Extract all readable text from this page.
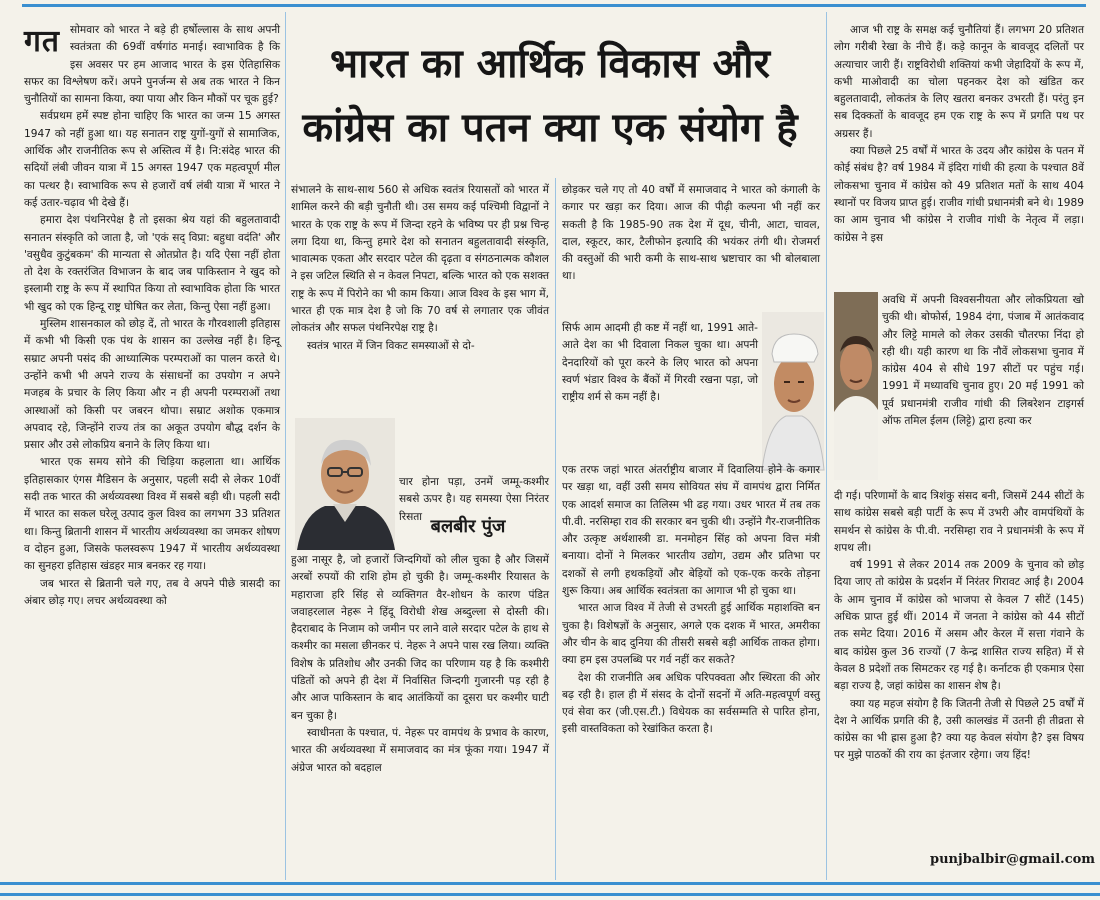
गत सोमवार को भारत ने बड़े ही हर्षोल्लास के साथ अपनी स्वतंत्रता की 69वीं वर्षगांठ मनाई। स्वाभाविक है कि इस अवसर पर हम आजाद भारत के इस ऐतिहासिक सफर का विश्लेषण करें। अपने पुनर्जन्म से अब तक भारत ने किन चुनौतियों का सामना किया, क्या पाया और किन मौकों पर चूक हुई?

सर्वप्रथम हमें स्पष्ट होना चाहिए कि भारत का जन्म 15 अगस्त 1947 को नहीं हुआ था। यह सनातन राष्ट्र युगों-युगों से सामाजिक, आर्थिक और राजनीतिक रूप से अस्तित्व में है। नि:संदेह भारत की सदियों लंबी जीवन यात्रा में 15 अगस्त 1947 एक महत्वपूर्ण मील का पत्थर है। स्वाभाविक रूप से हजारों वर्ष लंबी यात्रा में भारत ने कई उतार-चढ़ाव भी देखे हैं।

हमारा देश पंथनिरपेक्ष है तो इसका श्रेय यहां की बहुलतावादी सनातन संस्कृति को जाता है, जो 'एकं सद् विप्रा: बहुधा वदंति' और 'वसुधैव कुटुंबकम' की मान्यता से ओतप्रोत है। यदि ऐसा नहीं होता तो देश के रक्तरंजित विभाजन के बाद जब पाकिस्तान ने खुद को इस्लामी राष्ट्र के रूप में स्थापित किया तो स्वाभाविक होता कि भारत भी खुद को एक हिन्दू राष्ट्र घोषित कर लेता, किन्तु ऐसा नहीं हुआ।

मुस्लिम शासनकाल को छोड़ दें, तो भारत के गौरवशाली इतिहास में कभी भी किसी एक पंथ के शासन का उल्लेख नहीं है। हिन्दू सम्राट अपनी पसंद की आध्यात्मिक परम्पराओं का पालन करते थे। उन्होंने कभी भी अपने राज्य के संसाधनों का उपयोग न अपने मजहब के प्रचार के लिए किया और न ही अपनी परम्पराओं तथा आस्थाओं को किसी पर जबरन थोपा। सम्राट अशोक एकमात्र अपवाद रहे, जिन्होंने राज्य तंत्र का अकूत उपयोग बौद्ध दर्शन के प्रसार और उसे लोकप्रिय बनाने के लिए किया था।

भारत एक समय सोने की चिड़िया कहलाता था। आर्थिक इतिहासकार एंगस मैडिसन के अनुसार, पहली सदी से लेकर 10वीं सदी तक भारत की अर्थव्यवस्था विश्व में सबसे बड़ी थी। पहली सदी में भारत का सकल घरेलू उत्पाद कुल विश्व का लगभग 33 प्रतिशत था। किन्तु ब्रितानी शासन में भारतीय अर्थव्यवस्था का जमकर शोषण व दोहन हुआ, जिसके फलस्वरूप 1947 में भारतीय अर्थव्यवस्था का सुनहरा इतिहास खंडहर मात्र बनकर रह गया।

जब भारत से ब्रितानी चले गए, तब वे अपने पीछे त्रासदी का अंबार छोड़ गए। लचर अर्थव्यवस्था को

भारत का आर्थिक विकास और
कांग्रेस का पतन क्या एक संयोग है

संभालने के साथ-साथ 560 से अधिक स्वतंत्र रियासतों को भारत में शामिल करने की बड़ी चुनौती थी। उस समय कई पश्चिमी विद्वानों ने भारत के एक राष्ट्र के रूप में जिन्दा रहने के भविष्य पर ही प्रश्न चिन्ह लगा दिया था, किन्तु हमारे देश को सनातन बहुलतावादी संस्कृति, भावात्मक एकता और सरदार पटेल की दृढ़ता व संगठनात्मक कौशल ने इस जटिल स्थिति से न केवल निपटा, बल्कि भारत को एक सशक्त राष्ट्र के रूप में पिरोने का भी काम किया। आज विश्व के इस भाग में, भारत ही एक मात्र देश है जो कि 70 वर्ष से लगातार एक जीवंत लोकतंत्र और सफल पंथनिरपेक्ष राष्ट्र है।

स्वतंत्र भारत में जिन विकट समस्याओं से दो-

बलबीर पुंज

चार होना पड़ा, उनमें जम्मू-कश्मीर सबसे ऊपर है। यह समस्या ऐसा निरंतर रिसता

हुआ नासूर है, जो हजारों जिन्दगियों को लील चुका है और जिसमें अरबों रुपयों की राशि होम हो चुकी है। जम्मू-कश्मीर रियासत के महाराजा हरि सिंह से व्यक्तिगत वैर-शोधन के कारण पंडित जवाहरलाल नेहरू ने हिंदू विरोधी शेख अब्दुल्ला से दोस्ती की। हैदराबाद के निजाम को जमीन पर लाने वाले सरदार पटेल के हाथ से कश्मीर का मसला छीनकर पं. नेहरू ने अपने पास रख लिया। व्यक्ति विशेष के प्रतिशोध और उनकी जिद का परिणाम यह है कि कश्मीरी पंडितों को अपने ही देश में निर्वासित जिन्दगी गुजारनी पड़ रही है और आज पाकिस्तान के बाद आतंकियों का दूसरा घर कश्मीर घाटी बन चुका है।

स्वाधीनता के पश्चात, पं. नेहरू पर वामपंथ के प्रभाव के कारण, भारत की अर्थव्यवस्था में समाजवाद का मंत्र फूंका गया। 1947 में अंग्रेज भारत को बदहाल

छोड़कर चले गए तो 40 वर्षों में समाजवाद ने भारत को कंगाली के कगार पर खड़ा कर दिया। आज की पीढ़ी कल्पना भी नहीं कर सकती है कि 1985-90 तक देश में दूध, चीनी, आटा, चावल, दाल, स्कूटर, कार, टैलीफोन इत्यादि की भयंकर तंगी थी। रोजमर्रा की वस्तुओं की भारी कमी के साथ-साथ भ्रष्टाचार का भी बोलबाला था।

सिर्फ आम आदमी ही कष्ट में नहीं था, 1991 आते-आते देश का भी दिवाला निकल चुका था। अपनी देनदारियों को पूरा करने के लिए भारत को अपना स्वर्ण भंडार विश्व के बैंकों में गिरवी रखना पड़ा, जो राष्ट्रीय शर्म से कम नहीं है।

एक तरफ जहां भारत अंतर्राष्ट्रीय बाजार में दिवालिया होने के कगार पर खड़ा था, वहीं उसी समय सोवियत संघ में वामपंथ द्वारा निर्मित एक आदर्श समाज का तिलिस्म भी ढह गया। उधर भारत में तब तक पी.वी. नरसिम्हा राव की सरकार बन चुकी थी। उन्होंने गैर-राजनीतिक और उत्कृष्ट अर्थशास्त्री डा. मनमोहन सिंह को अपना वित्त मंत्री बनाया। दोनों ने मिलकर भारतीय उद्योग, उद्यम और प्रतिभा पर दशकों से लगी हथकड़ियों और बेड़ियों को एक-एक करके तोड़ना शुरू किया। अब आर्थिक स्वतंत्रता का आगाज भी हो चुका था।

भारत आज विश्व में तेजी से उभरती हुई आर्थिक महाशक्ति बन चुका है। विशेषज्ञों के अनुसार, अगले एक दशक में भारत, अमरीका और चीन के बाद दुनिया की तीसरी सबसे बड़ी आर्थिक ताकत होगा। क्या हम इस उपलब्धि पर गर्व नहीं कर सकते?

देश की राजनीति अब अधिक परिपक्वता और स्थिरता की ओर बढ़ रही है। हाल ही में संसद के दोनों सदनों में अति-महत्वपूर्ण वस्तु एवं सेवा कर (जी.एस.टी.) विधेयक का सर्वसम्मति से पारित होना, इसी वास्तविकता को रेखांकित करता है।

आज भी राष्ट्र के समक्ष कई चुनौतियां हैं। लगभग 20 प्रतिशत लोग गरीबी रेखा के नीचे हैं। कड़े कानून के बावजूद दलितों पर अत्याचार जारी हैं। राष्ट्रविरोधी शक्तियां कभी जेहादियों के रूप में, कभी माओवादी का चोला पहनकर देश को खंडित कर बहुलतावादी, लोकतंत्र के लिए खतरा बनकर उभरती हैं। परंतु इन सब दिक्कतों के बावजूद हम एक राष्ट्र के रूप में प्रगति पथ पर अग्रसर हैं।

क्या पिछले 25 वर्षों में भारत के उदय और कांग्रेस के पतन में कोई संबंध है? वर्ष 1984 में इंदिरा गांधी की हत्या के पश्चात 8वें लोकसभा चुनाव में कांग्रेस को 49 प्रतिशत मतों के साथ 404 स्थानों पर विजय प्राप्त हुई। राजीव गांधी प्रधानमंत्री बने थे। 1989 का आम चुनाव भी कांग्रेस ने राजीव गांधी के नेतृत्व में लड़ा। कांग्रेस ने इस

अवधि में अपनी विश्वसनीयता और लोकप्रियता खो चुकी थी। बोफोर्स, 1984 दंगा, पंजाब में आतंकवाद और लिट्टे मामले को लेकर उसकी चौतरफा निंदा हो रही थी। यही कारण था कि नौवें लोकसभा चुनाव में कांग्रेस 404 से सीधे 197 सीटों पर पहुंच गई। 1991 में मध्यावधि चुनाव हुए। 20 मई 1991 को पूर्व प्रधानमंत्री राजीव गांधी की लिबरेशन टाइगर्स ऑफ तमिल ईलम (लिट्टे) द्वारा हत्या कर

दी गई। परिणामों के बाद त्रिशंकु संसद बनी, जिसमें 244 सीटों के साथ कांग्रेस सबसे बड़ी पार्टी के रूप में उभरी और वामपंथियों के समर्थन से कांग्रेस के पी.वी. नरसिम्हा राव ने प्रधानमंत्री के रूप में शपथ ली।

वर्ष 1991 से लेकर 2014 तक 2009 के चुनाव को छोड़ दिया जाए तो कांग्रेस के प्रदर्शन में निरंतर गिरावट आई है। 2004 के आम चुनाव में कांग्रेस को भाजपा से केवल 7 सीटें (145) अधिक प्राप्त हुई थीं। 2014 में जनता ने कांग्रेस को 44 सीटों तक समेट दिया। 2016 में असम और केरल में सत्ता गंवाने के बाद कांग्रेस कुल 36 राज्यों (7 केन्द्र शासित राज्य सहित) में से केवल 8 प्रदेशों तक सिमटकर रह गई है। कर्नाटक ही एकमात्र ऐसा बड़ा राज्य है, जहां कांग्रेस का शासन शेष है।

क्या यह महज संयोग है कि जितनी तेजी से पिछले 25 वर्षों में देश ने आर्थिक प्रगति की है, उसी कालखंड में उतनी ही तीव्रता से कांग्रेस का भी ह्रास हुआ है? क्या यह केवल संयोग है? इस विषय पर मुझे पाठकों की राय का इंतजार रहेगा। जय हिंद!

punjbalbir@gmail.com
